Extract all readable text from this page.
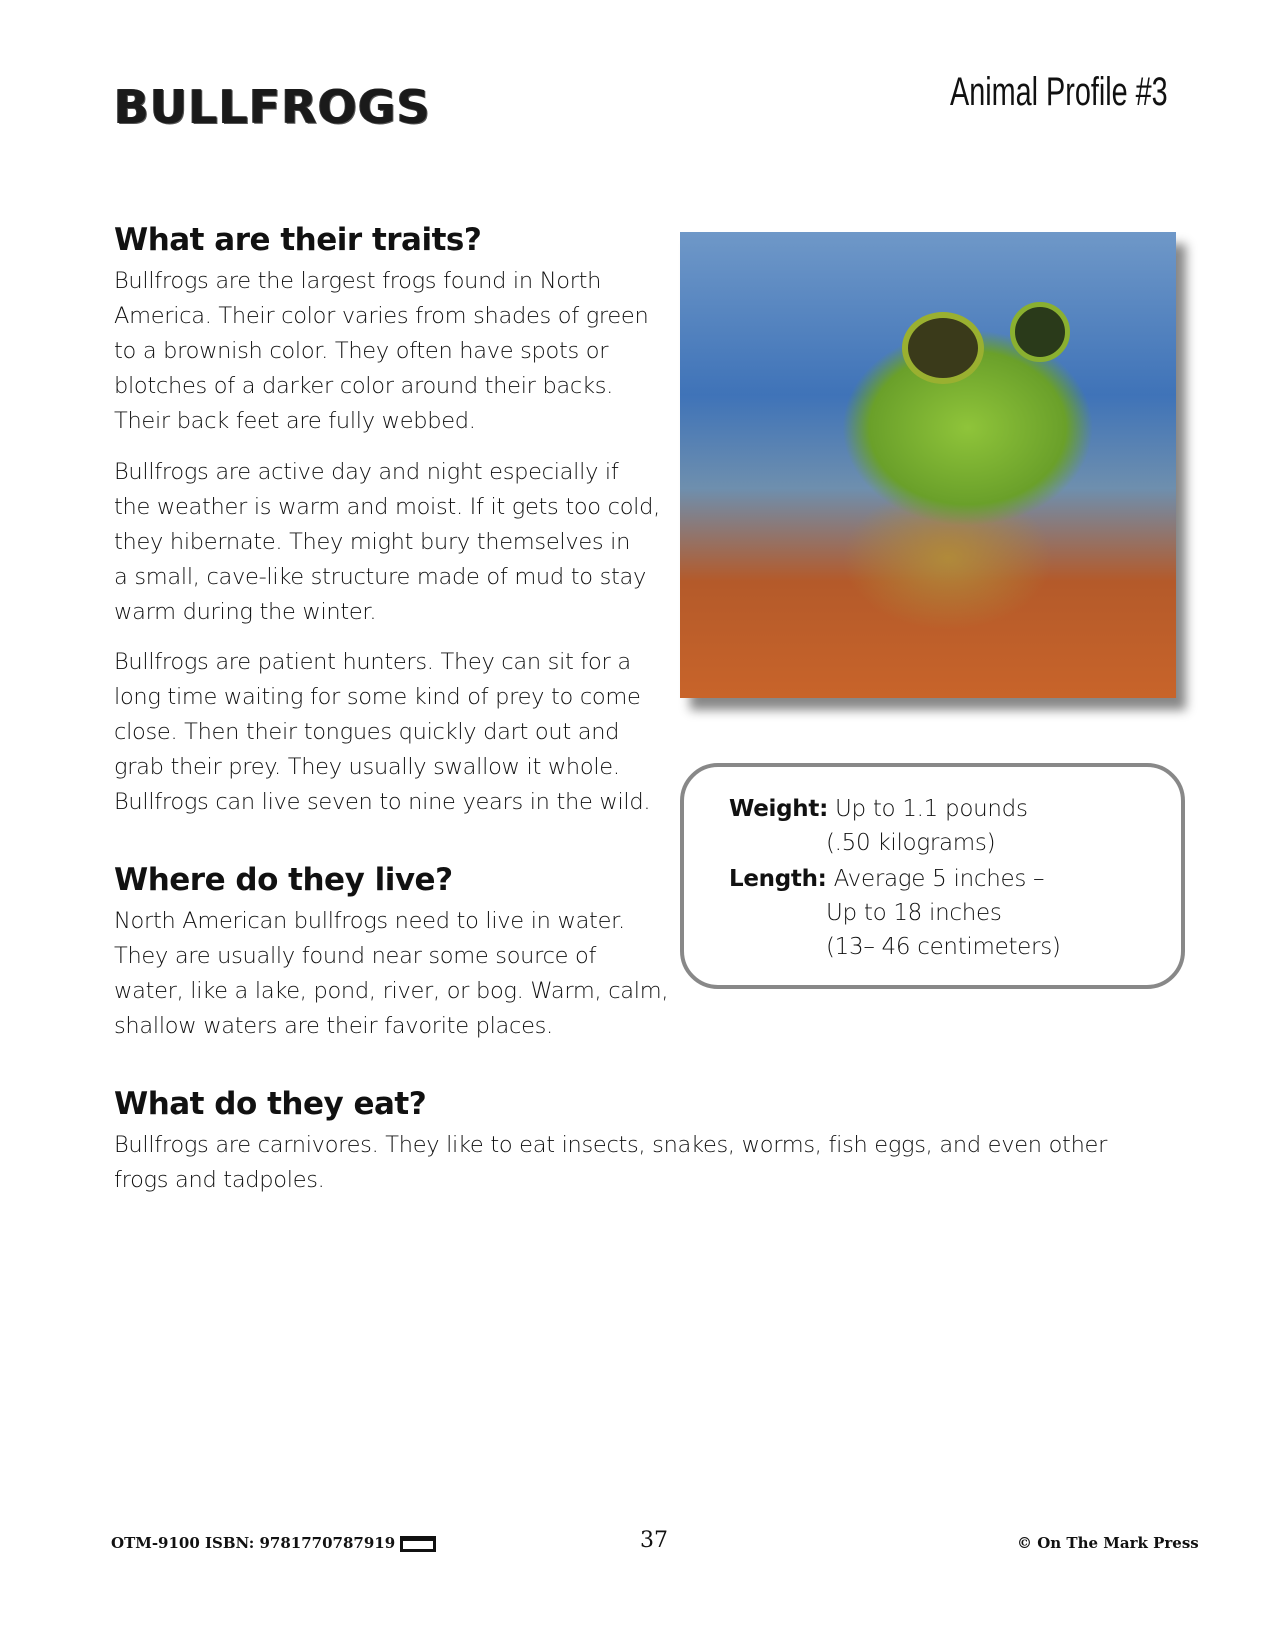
BULLFROGS	Animal Profile #3
What are their traits?
Bullfrogs are the largest frogs found in North
America. Their color varies from shades of green
to a brownish color. They often have spots or
blotches of a darker color around their backs.
Their back feet are fully webbed.
Bullfrogs are active day and night especially if
the weather is warm and moist. If it gets too cold,
they hibernate. They might bury themselves in
a small, cave-like structure made of mud to stay
warm during the winter.
Bullfrogs are patient hunters. They can sit for a
long time waiting for some kind of prey to come
close. Then their tongues quickly dart out and
grab their prey. They usually swallow it whole.
Bullfrogs can live seven to nine years in the wild.
Where do they live?
North American bullfrogs need to live in water.
They are usually found near some source of
water, like a lake, pond, river, or bog. Warm, calm,
shallow waters are their favorite places.
What do they eat?
Bullfrogs are carnivores. They like to eat insects, snakes, worms, fish eggs, and even other
frogs and tadpoles.
Weight: Up to 1.1 pounds
(.50 kilograms)
Length: Average 5 inches –
Up to 18 inches
(13– 46 centimeters)
OTM-9100 ISBN: 9781770787919	37	© On The Mark Press
